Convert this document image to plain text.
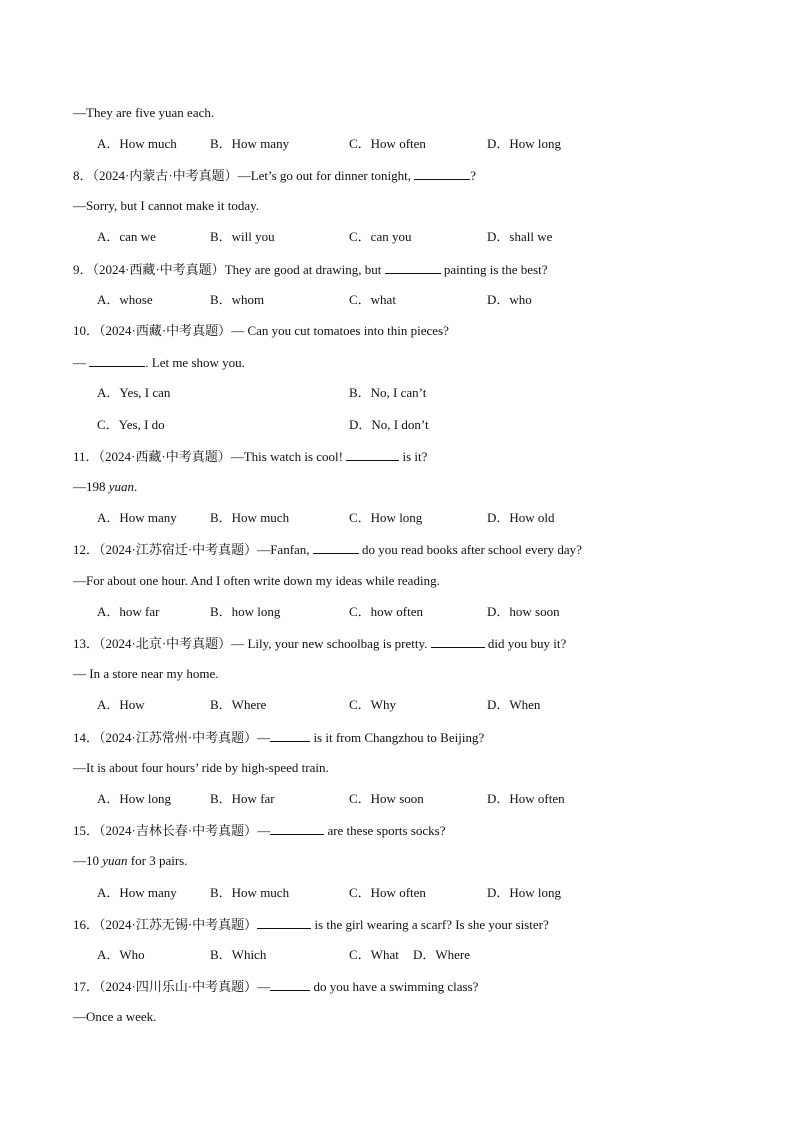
—They are five yuan each.
A．How much	B．How many	C．How often	D．How long
8．（2024·内蒙古·中考真题）—Let’s go out for dinner tonight,	?
—Sorry, but I cannot make it today.
A．can we	B．will you	C．can you	D．shall we
9．（2024·西藏·中考真题）They are good at drawing, but	painting is the best?
A．whose	B．whom	C．what	D．who
10．（2024·西藏·中考真题）— Can you cut tomatoes into thin pieces?
—	. Let me show you.
A．Yes, I can	B．No, I can’t
C．Yes, I do	D．No, I don’t
11．（2024·西藏·中考真题）—This watch is cool!	is it?
—198 yuan.
A．How many	B．How much	C．How long	D．How old
12．（2024·江苏宿迁·中考真题）—Fanfan,	do you read books after school every day?
—For about one hour. And I often write down my ideas while reading.
A．how far	B．how long	C．how often	D．how soon
13．（2024·北京·中考真题）— Lily, your new schoolbag is pretty.	did you buy it?
— In a store near my home.
A．How	B．Where	C．Why	D．When
14．（2024·江苏常州·中考真题）—	is it from Changzhou to Beijing?
—It is about four hours’ ride by high-speed train.
A．How long	B．How far	C．How soon	D．How often
15．（2024·吉林长春·中考真题）—	are these sports socks?
—10 yuan for 3 pairs.
A．How many	B．How much	C．How often	D．How long
16．（2024·江苏无锡·中考真题）	is the girl wearing a scarf? Is she your sister?
A．Who	B．Which	C．What D．Where
17．（2024·四川乐山·中考真题）—	do you have a swimming class?
—Once a week.
